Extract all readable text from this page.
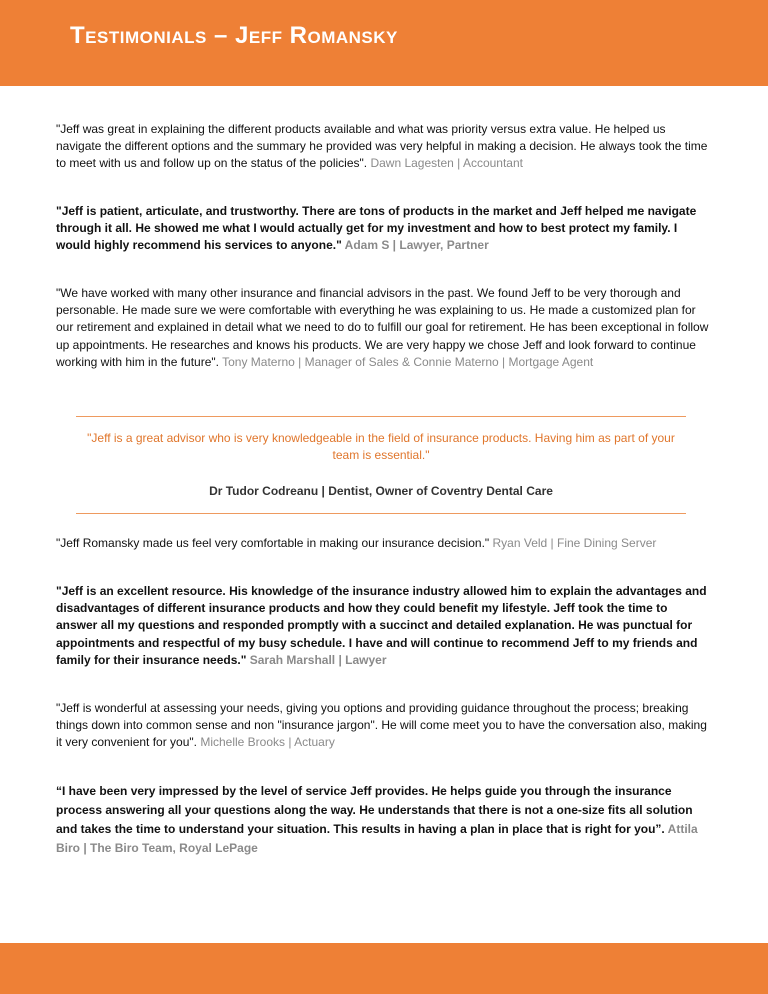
Testimonials – Jeff Romansky

"Jeff was great in explaining the different products available and what was priority versus extra value. He helped us navigate the different options and the summary he provided was very helpful in making a decision. He always took the time to meet with us and follow up on the status of the policies". Dawn Lagesten | Accountant

"Jeff is patient, articulate, and trustworthy. There are tons of products in the market and Jeff helped me navigate through it all. He showed me what I would actually get for my investment and how to best protect my family. I would highly recommend his services to anyone." Adam S | Lawyer, Partner

"We have worked with many other insurance and financial advisors in the past. We found Jeff to be very thorough and personable. He made sure we were comfortable with everything he was explaining to us. He made a customized plan for our retirement and explained in detail what we need to do to fulfill our goal for retirement. He has been exceptional in follow up appointments. He researches and knows his products. We are very happy we chose Jeff and look forward to continue working with him in the future". Tony Materno | Manager of Sales & Connie Materno | Mortgage Agent

"Jeff is a great advisor who is very knowledgeable in the field of insurance products. Having him as part of your team is essential."

Dr Tudor Codreanu | Dentist, Owner of Coventry Dental Care

"Jeff Romansky made us feel very comfortable in making our insurance decision." Ryan Veld | Fine Dining Server

"Jeff is an excellent resource. His knowledge of the insurance industry allowed him to explain the advantages and disadvantages of different insurance products and how they could benefit my lifestyle. Jeff took the time to answer all my questions and responded promptly with a succinct and detailed explanation. He was punctual for appointments and respectful of my busy schedule. I have and will continue to recommend Jeff to my friends and family for their insurance needs." Sarah Marshall | Lawyer

"Jeff is wonderful at assessing your needs, giving you options and providing guidance throughout the process; breaking things down into common sense and non "insurance jargon". He will come meet you to have the conversation also, making it very convenient for you". Michelle Brooks | Actuary

“I have been very impressed by the level of service Jeff provides. He helps guide you through the insurance process answering all your questions along the way. He understands that there is not a one-size fits all solution and takes the time to understand your situation. This results in having a plan in place that is right for you”. Attila Biro | The Biro Team, Royal LePage
